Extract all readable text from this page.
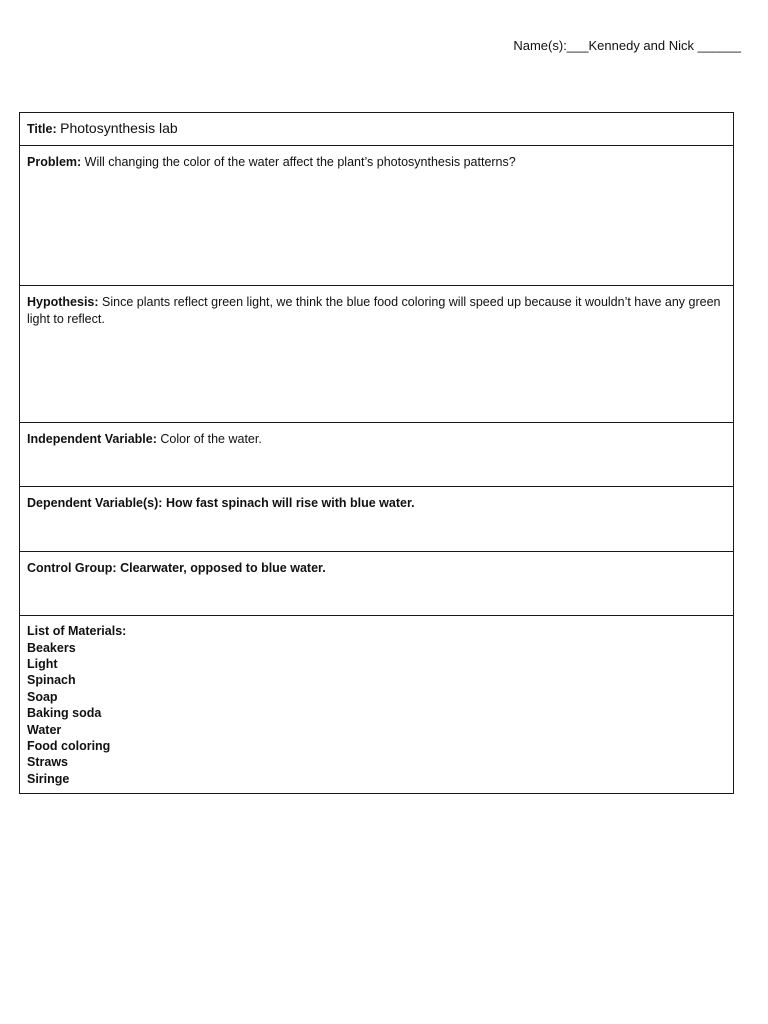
Name(s):___Kennedy and Nick ______
Title: Photosynthesis lab
Problem: Will changing the color of the water affect the plant’s photosynthesis patterns?
Hypothesis: Since plants reflect green light, we think the blue food coloring will speed up because it wouldn’t have any green light to reflect.
Independent Variable: Color of the water.
Dependent Variable(s): How fast spinach will rise with blue water.
Control Group: Clearwater, opposed to blue water.

List of Materials:
Beakers
Light
Spinach
Soap
Baking soda
Water
Food coloring
Straws
Siringe
